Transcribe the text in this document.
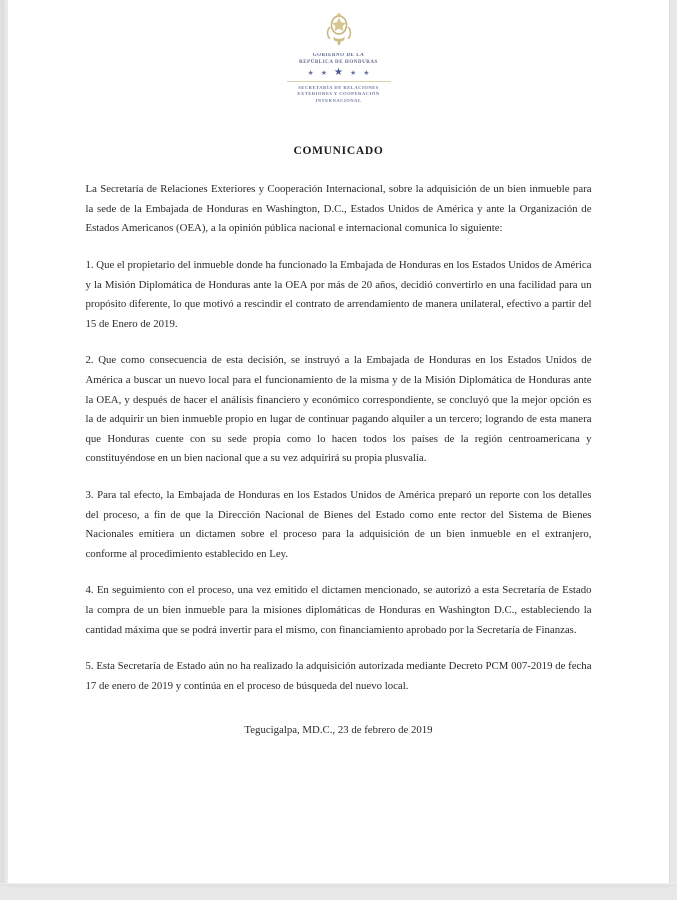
GOBIERNO DE LA
REPÚBLICA DE HONDURAS
★ ★ ★ ★ ★
SECRETARÍA DE RELACIONES
EXTERIORES Y COOPERACIÓN
INTERNACIONAL
COMUNICADO

La Secretaría de Relaciones Exteriores y Cooperación Internacional, sobre la adquisición de un bien inmueble para la sede de la Embajada de Honduras en Washington, D.C., Estados Unidos de América y ante la Organización de Estados Americanos (OEA), a la opinión pública nacional e internacional comunica lo siguiente:

1. Que el propietario del inmueble donde ha funcionado la Embajada de Honduras en los Estados Unidos de América y la Misión Diplomática de Honduras ante la OEA por más de 20 años, decidió convertirlo en una facilidad para un propósito diferente, lo que motivó a rescindir el contrato de arrendamiento de manera unilateral, efectivo a partir del 15 de Enero de 2019.

2. Que como consecuencia de esta decisión, se instruyó a la Embajada de Honduras en los Estados Unidos de América a buscar un nuevo local para el funcionamiento de la misma y de la Misión Diplomática de Honduras ante la OEA, y después de hacer el análisis financiero y económico correspondiente, se concluyó que la mejor opción es la de adquirir un bien inmueble propio en lugar de continuar pagando alquiler a un tercero; logrando de esta manera que Honduras cuente con su sede propia como lo hacen todos los países de la región centroamericana y constituyéndose en un bien nacional que a su vez adquirirá su propia plusvalía.

3. Para tal efecto, la Embajada de Honduras en los Estados Unidos de América preparó un reporte con los detalles del proceso, a fin de que la Dirección Nacional de Bienes del Estado como ente rector del Sistema de Bienes Nacionales emitiera un dictamen sobre el proceso para la adquisición de un bien inmueble en el extranjero, conforme al procedimiento establecido en Ley.

4. En seguimiento con el proceso, una vez emitido el dictamen mencionado, se autorizó a esta Secretaría de Estado la compra de un bien inmueble para la misiones diplomáticas de Honduras en Washington D.C., estableciendo la cantidad máxima que se podrá invertir para el mismo, con financiamiento aprobado por la Secretaría de Finanzas.

5. Esta Secretaría de Estado aún no ha realizado la adquisición autorizada mediante Decreto PCM 007-2019 de fecha 17 de enero de 2019 y continúa en el proceso de búsqueda del nuevo local.

Tegucigalpa, MD.C., 23 de febrero de 2019
